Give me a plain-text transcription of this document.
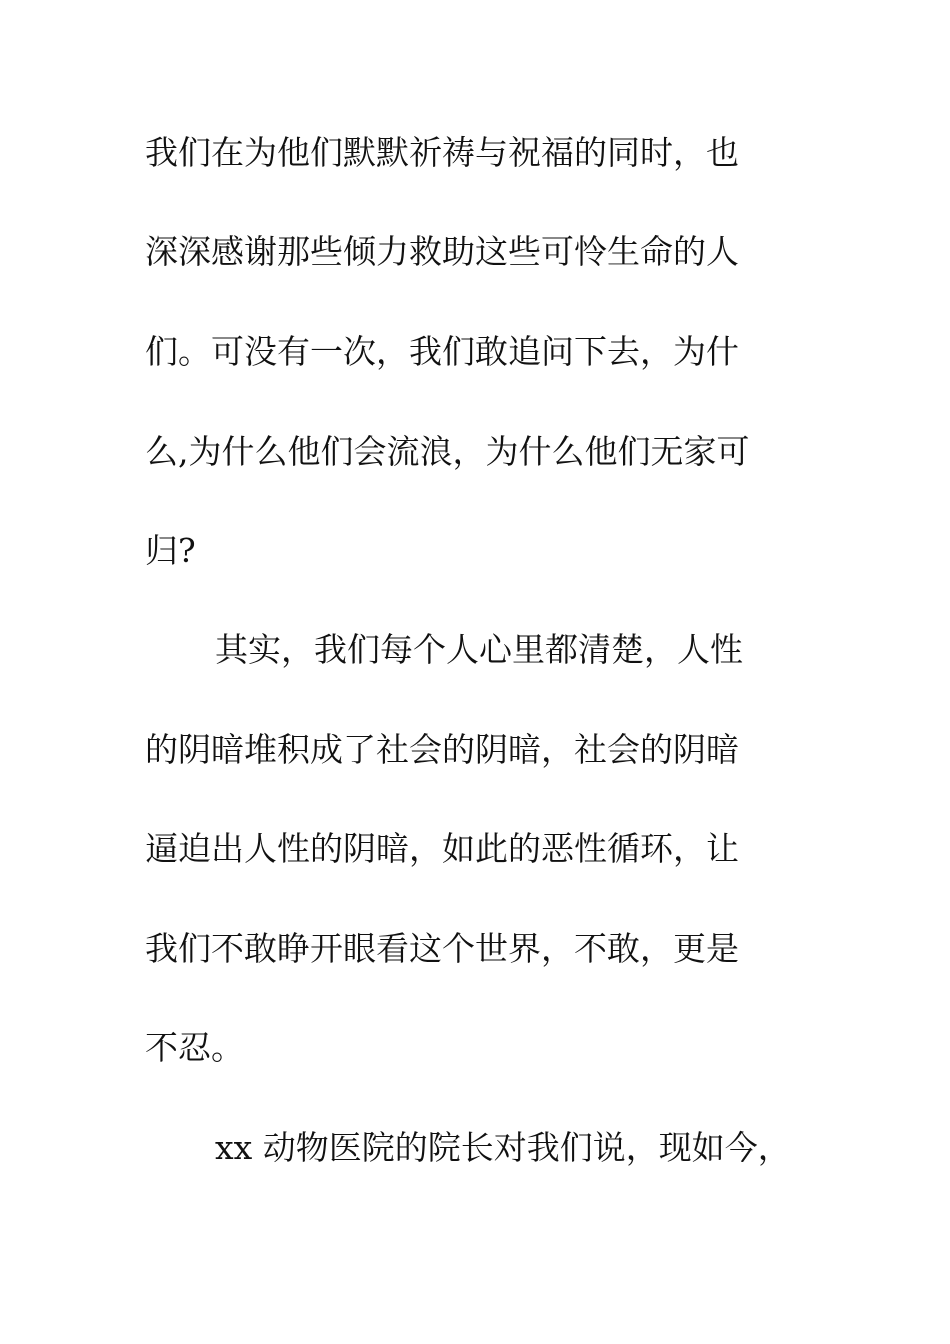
我们在为他们默默祈祷与祝福的同时，也
深深感谢那些倾力救助这些可怜生命的人
们。可没有一次，我们敢追问下去，为什
么,为什么他们会流浪，为什么他们无家可
归?
其实，我们每个人心里都清楚，人性
的阴暗堆积成了社会的阴暗，社会的阴暗
逼迫出人性的阴暗，如此的恶性循环，让
我们不敢睁开眼看这个世界，不敢，更是
不忍。
xx 动物医院的院长对我们说，现如今，
